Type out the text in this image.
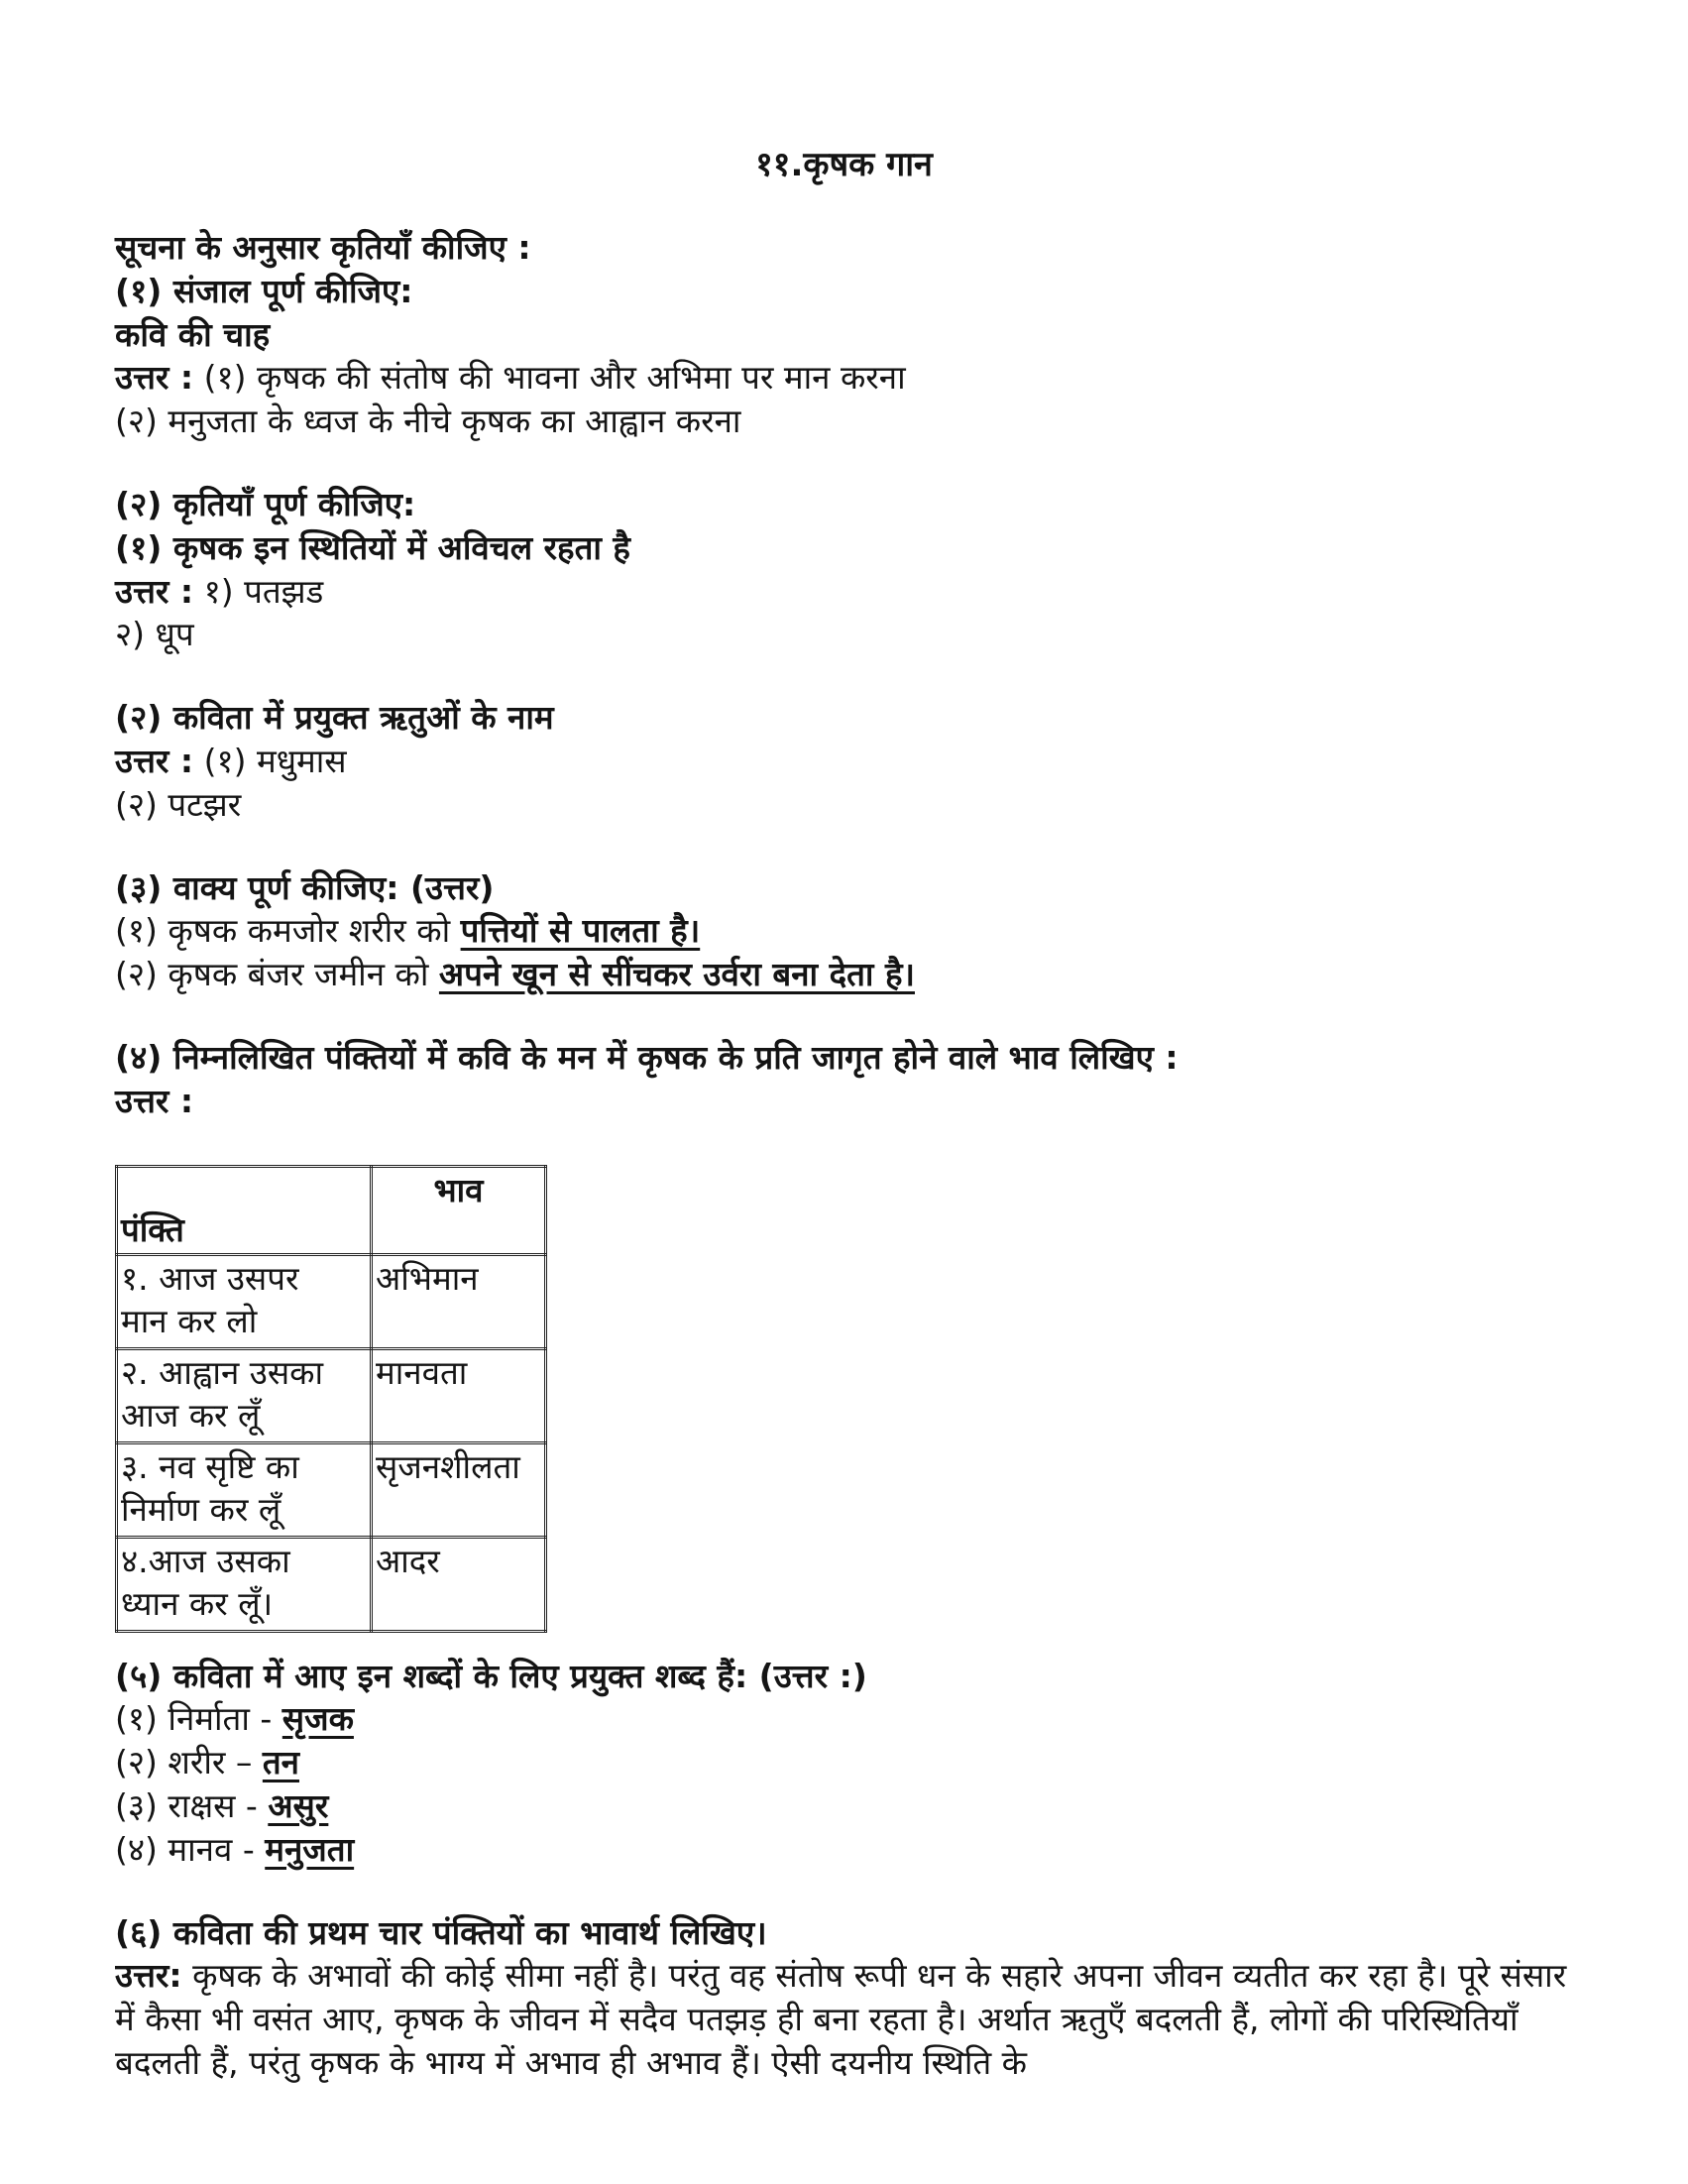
११.कृषक गान
सूचना के अनुसार कृतियाँ कीजिए :
(१) संजाल पूर्ण कीजिए:
कवि की चाह
उत्तर : (१) कृषक की संतोष की भावना और अभिमा पर मान करना
(२) मनुजता के ध्वज के नीचे कृषक का आह्वान करना
(२) कृतियाँ पूर्ण कीजिए:
(१) कृषक इन स्थितियों में अविचल रहता है
उत्तर : १) पतझड
२) धूप
(२) कविता में प्रयुक्त ऋतुओं के नाम
उत्तर : (१) मधुमास
(२) पटझर
(३) वाक्य पूर्ण कीजिए: (उत्तर)
(१) कृषक कमजोर शरीर को पत्तियों से पालता है।
(२) कृषक बंजर जमीन को अपने खून से सींचकर उर्वरा बना देता है।
(४) निम्नलिखित पंक्तियों में कवि के मन में कृषक के प्रति जागृत होने वाले भाव लिखिए :
उत्तर :
पंक्ति	भाव

१. आज उसपर
मान कर लो	अभिमान

२. आह्वान उसका
आज कर लूँ	मानवता

३. नव सृष्टि का
निर्माण कर लूँ	सृजनशीलता

४.आज उसका
ध्यान कर लूँ।	आदर
(५) कविता में आए इन शब्दों के लिए प्रयुक्त शब्द हैं: (उत्तर :)
(१) निर्माता - सृजक
(२) शरीर – तन
(३) राक्षस - असुर
(४) मानव - मनुजता
(६) कविता की प्रथम चार पंक्तियों का भावार्थ लिखिए।
उत्तर: कृषक के अभावों की कोई सीमा नहीं है। परंतु वह संतोष रूपी धन के सहारे अपना जीवन व्यतीत कर रहा है। पूरे संसार में कैसा भी वसंत आए, कृषक के जीवन में सदैव पतझड़ ही बना रहता है। अर्थात ऋतुएँ बदलती हैं, लोगों की परिस्थितियाँ बदलती हैं, परंतु कृषक के भाग्य में अभाव ही अभाव हैं। ऐसी दयनीय स्थिति के
